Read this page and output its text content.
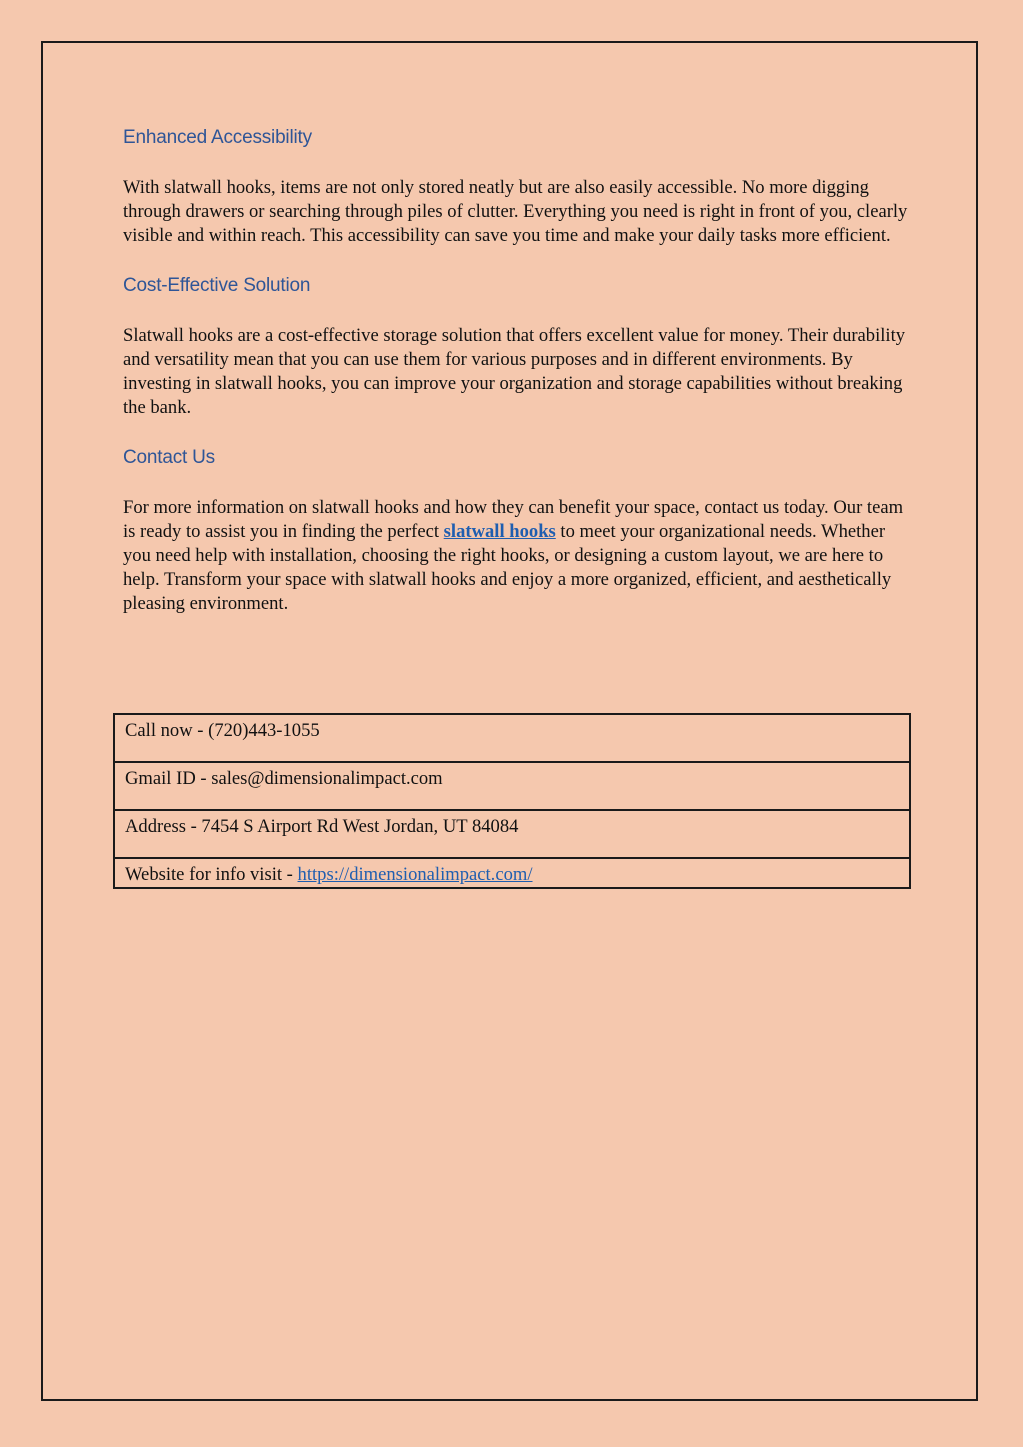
Enhanced Accessibility

With slatwall hooks, items are not only stored neatly but are also easily accessible. No more digging through drawers or searching through piles of clutter. Everything you need is right in front of you, clearly visible and within reach. This accessibility can save you time and make your daily tasks more efficient.

Cost-Effective Solution

Slatwall hooks are a cost-effective storage solution that offers excellent value for money. Their durability and versatility mean that you can use them for various purposes and in different environments. By investing in slatwall hooks, you can improve your organization and storage capabilities without breaking the bank.

Contact Us

For more information on slatwall hooks and how they can benefit your space, contact us today. Our team is ready to assist you in finding the perfect slatwall hooks to meet your organizational needs. Whether you need help with installation, choosing the right hooks, or designing a custom layout, we are here to help. Transform your space with slatwall hooks and enjoy a more organized, efficient, and aesthetically pleasing environment.

Call now - (720)443-1055
Gmail ID - sales@dimensionalimpact.com
Address - 7454 S Airport Rd West Jordan, UT 84084
Website for info visit - https://dimensionalimpact.com/
